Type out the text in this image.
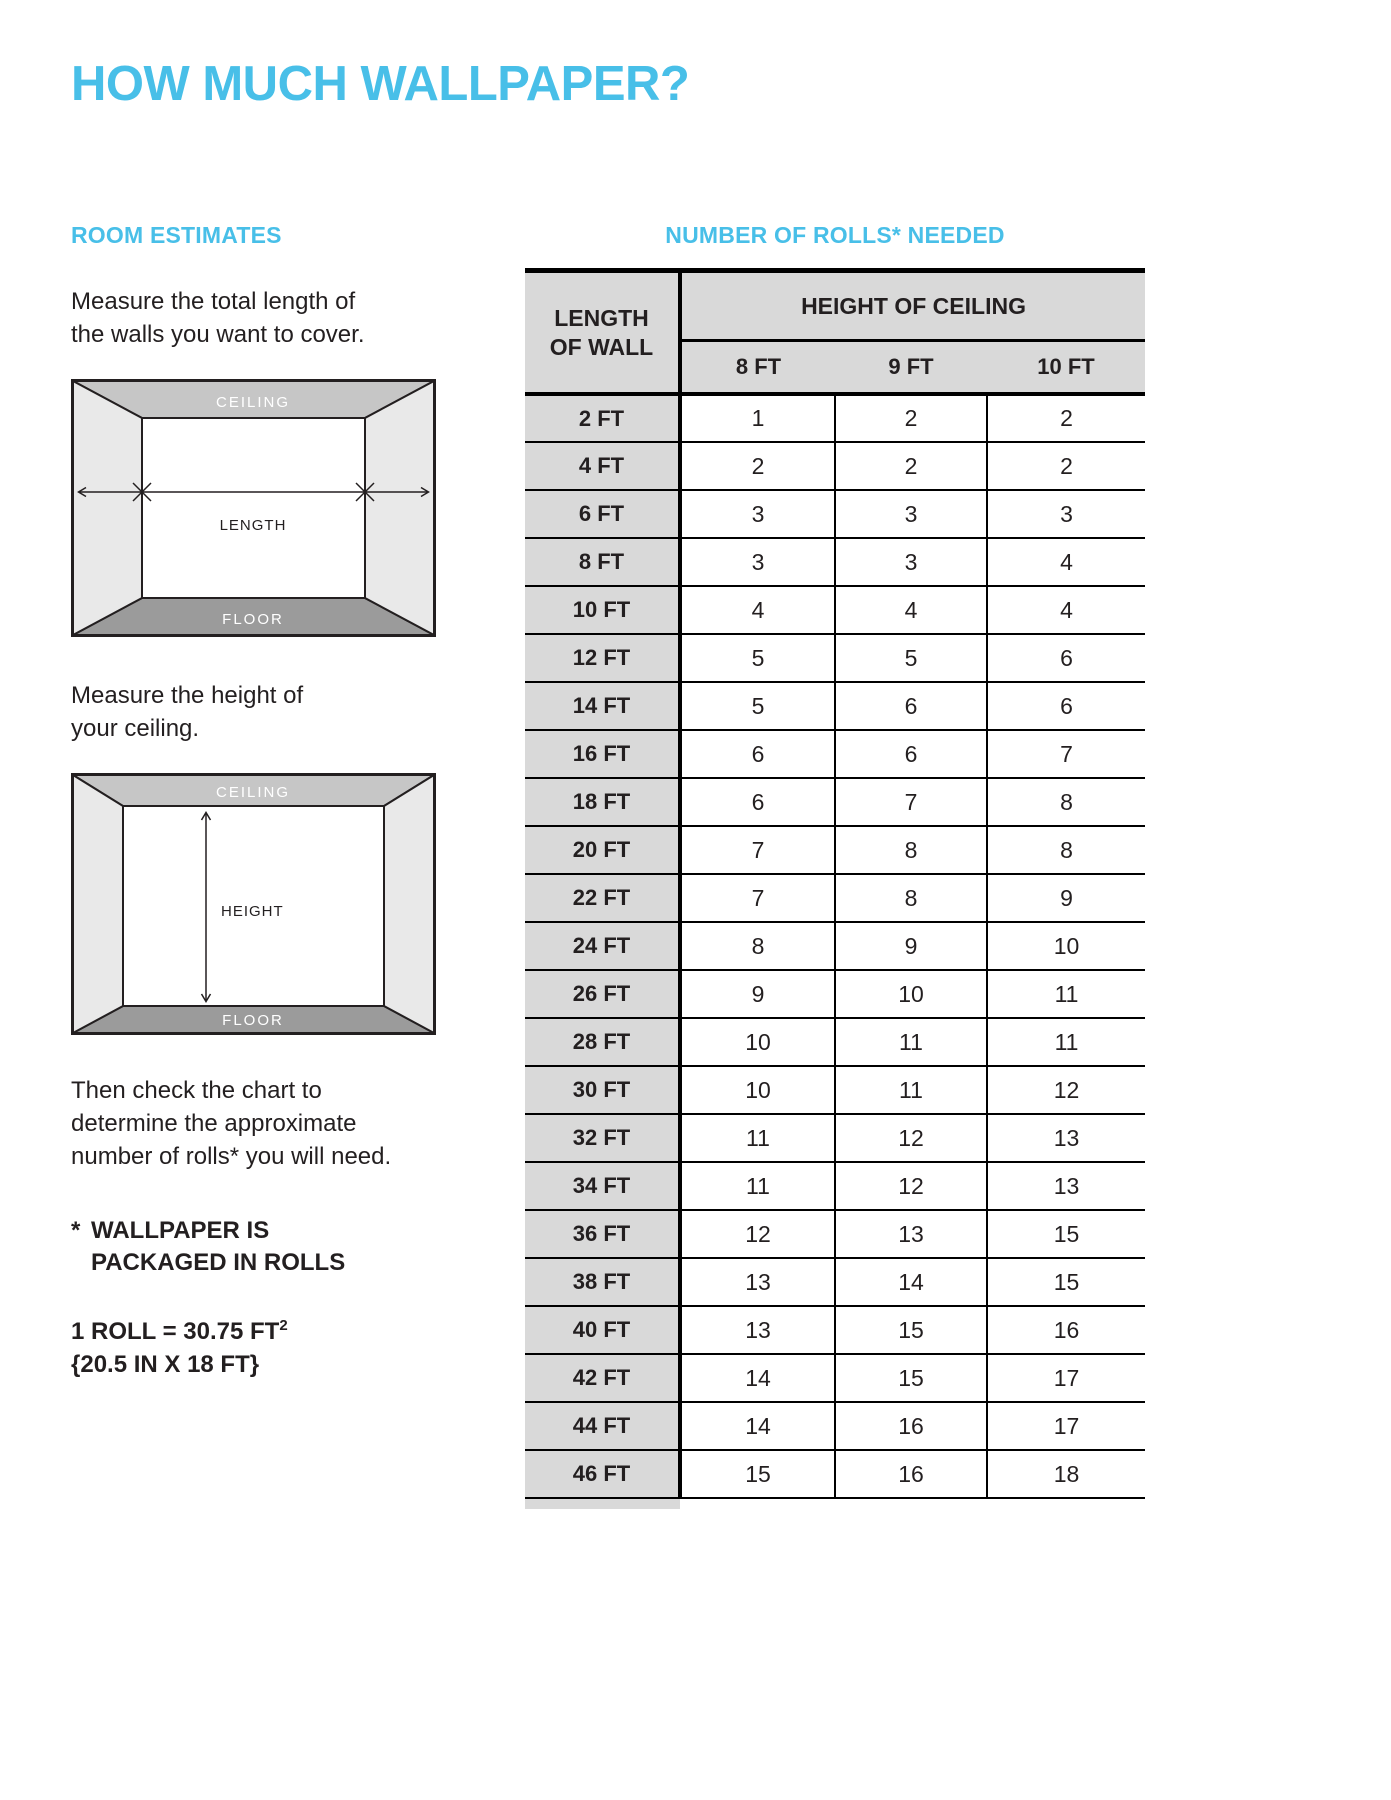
HOW MUCH WALLPAPER?
ROOM ESTIMATES
Measure the total length of
the walls you want to cover.
CEILING
LENGTH
FLOOR
Measure the height of
your ceiling.
CEILING
HEIGHT
FLOOR
Then check the chart to
determine the approximate
number of rolls* you will need.
* WALLPAPER IS
PACKAGED IN ROLLS
1 ROLL = 30.75 $FT^2$
{20.5 IN X 18 FT}
NUMBER OF ROLLS* NEEDED
LENGTH
OF WALL	HEIGHT OF CEILING		
	8 FT	9 FT	10 FT
2 FT	1	2	2
4 FT	2	2	2
6 FT	3	3	3
8 FT	3	3	4
10 FT	4	4	4
12 FT	5	5	6
14 FT	5	6	6
16 FT	6	6	7
18 FT	6	7	8
20 FT	7	8	8
22 FT	7	8	9
24 FT	8	9	10
26 FT	9	10	11
28 FT	10	11	11
30 FT	10	11	12
32 FT	11	12	13
34 FT	11	12	13
36 FT	12	13	15
38 FT	13	14	15
40 FT	13	15	16
42 FT	14	15	17
44 FT	14	16	17
46 FT	15	16	18
